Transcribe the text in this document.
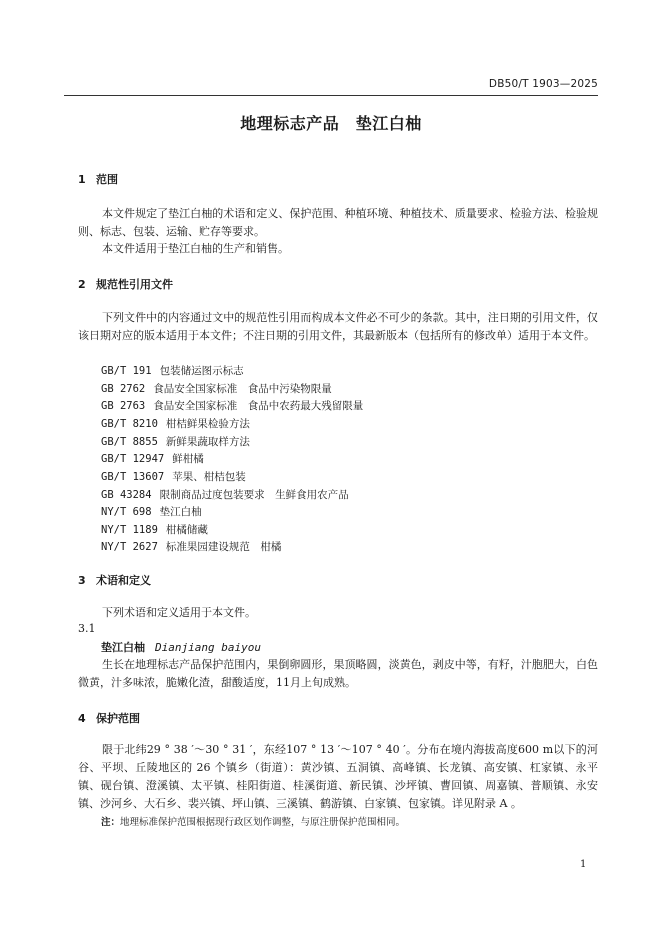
DB50/T 1903—2025
地理标志产品　垫江白柚
1 范围
本文件规定了垫江白柚的术语和定义、保护范围、种植环境、种植技术、质量要求、检验方法、检验规则、标志、包装、运输、贮存等要求。
本文件适用于垫江白柚的生产和销售。
2 规范性引用文件
下列文件中的内容通过文中的规范性引用而构成本文件必不可少的条款。其中，注日期的引用文件，仅该日期对应的版本适用于本文件；不注日期的引用文件，其最新版本（包括所有的修改单）适用于本文件。
GB/T 191 包装储运图示标志
GB 2762 食品安全国家标准　食品中污染物限量
GB 2763 食品安全国家标准　食品中农药最大残留限量
GB/T 8210 柑桔鲜果检验方法
GB/T 8855 新鲜果蔬取样方法
GB/T 12947 鲜柑橘
GB/T 13607 苹果、柑桔包装
GB 43284 限制商品过度包装要求　生鲜食用农产品
NY/T 698 垫江白柚
NY/T 1189 柑橘储藏
NY/T 2627 标准果园建设规范　柑橘
3 术语和定义
下列术语和定义适用于本文件。
3.1
垫江白柚 Dianjiang baiyou
生长在地理标志产品保护范围内，果倒卵圆形，果顶略圆，淡黄色，剥皮中等，有籽，汁胞肥大，白色微黄，汁多味浓，脆嫩化渣，甜酸适度，11月上旬成熟。
4 保护范围
限于北纬29 ° 38 ′～30 ° 31 ′，东经107 ° 13 ′～107 ° 40 ′。分布在境内海拔高度600 m以下的河谷、平坝、丘陵地区的 26 个镇乡（街道）：黄沙镇、五洞镇、高峰镇、长龙镇、高安镇、杠家镇、永平镇、砚台镇、澄溪镇、太平镇、桂阳街道、桂溪街道、新民镇、沙坪镇、曹回镇、周嘉镇、普顺镇、永安镇、沙河乡、大石乡、裴兴镇、坪山镇、三溪镇、鹤游镇、白家镇、包家镇。详见附录 A 。
注：地理标准保护范围根据现行政区划作调整，与原注册保护范围相同。
1
